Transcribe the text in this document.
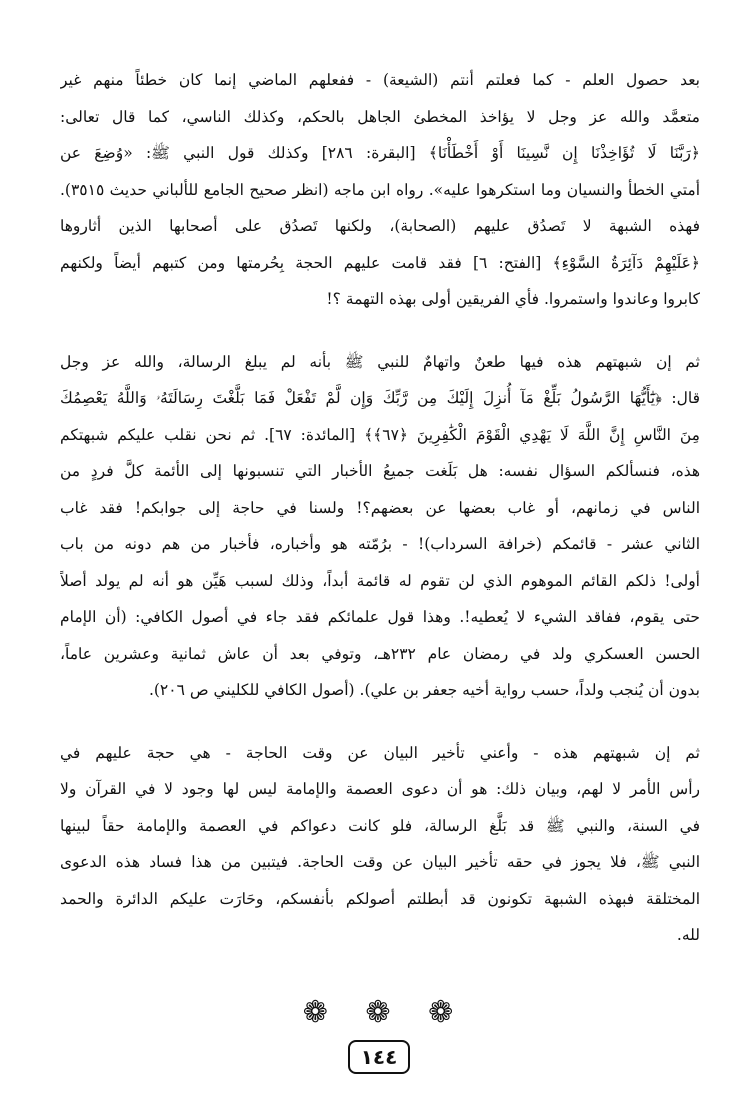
بعد حصول العلم - كما فعلتم أنتم (الشيعة) - ففعلهم الماضي إنما كان خطئاً منهم غير
متعمَّد والله عز وجل لا يؤاخذ المخطئ الجاهل بالحكم، وكذلك الناسي، كما قال تعالى:
﴿رَبَّنَا لَا تُؤَاخِذْنَا إِن نَّسِينَا أَوْ أَخْطَأْنَا﴾ [البقرة: ٢٨٦] وكذلك قول النبي ﷺ: «وُضِعَ عن
أمتي الخطأ والنسيان وما استكرهوا عليه». رواه ابن ماجه (انظر صحيح الجامع للألباني حديث ٣٥١٥).
فهذه الشبهة لا تَصدُق عليهم (الصحابة)، ولكنها تَصدُق على أصحابها الذين أثاروها
﴿عَلَيْهِمْ دَآئِرَةُ السَّوْءِ﴾ [الفتح: ٦] فقد قامت عليهم الحجة بِحُرمتها ومن كتبهم أيضاً ولكنهم
كابروا وعاندوا واستمروا. فأي الفريقين أولى بهذه التهمة ؟!
ثم إن شبهتهم هذه فيها طعنٌ واتهامٌ للنبي ﷺ بأنه لم يبلغ الرسالة، والله عز وجل
قال: ﴿يَٰٓأَيُّهَا الرَّسُولُ بَلِّغْ مَآ أُنزِلَ إِلَيْكَ مِن رَّبِّكَ وَإِن لَّمْ تَفْعَلْ فَمَا بَلَّغْتَ رِسَالَتَهُۥ وَاللَّهُ يَعْصِمُكَ
مِنَ النَّاسِ إِنَّ اللَّهَ لَا يَهْدِي الْقَوْمَ الْكَٰفِرِينَ ﴿٦٧﴾﴾ [المائدة: ٦٧]. ثم نحن نقلب عليكم شبهتكم
هذه، فنسألكم السؤال نفسه: هل بَلَغت جميعُ الأخبار التي تنسبونها إلى الأئمة كلَّ فردٍ من
الناس في زمانهم، أو غاب بعضها عن بعضهم؟! ولسنا في حاجة إلى جوابكم! فقد غاب
الثاني عشر - قائمكم (خرافة السرداب)! - برُمّته هو وأخباره، فأخبار من هم دونه من باب
أولى! ذلكم القائم الموهوم الذي لن تقوم له قائمة أبداً، وذلك لسبب هَيِّن هو أنه لم يولد أصلاً
حتى يقوم، ففاقد الشيء لا يُعطيه!. وهذا قول علمائكم فقد جاء في أصول الكافي: (أن الإمام
الحسن العسكري ولد في رمضان عام ٢٣٢هـ، وتوفي بعد أن عاش ثمانية وعشرين عاماً،
بدون أن يُنجب ولداً، حسب رواية أخيه جعفر بن علي). (أصول الكافي للكليني ص ٢٠٦).
ثم إن شبهتهم هذه - وأعني تأخير البيان عن وقت الحاجة - هي حجة عليهم في
رأس الأمر لا لهم، وبيان ذلك: هو أن دعوى العصمة والإمامة ليس لها وجود لا في القرآن ولا
في السنة، والنبي ﷺ قد بَلَّغ الرسالة، فلو كانت دعواكم في العصمة والإمامة حقاً لبينها
النبي ﷺ، فلا يجوز في حقه تأخير البيان عن وقت الحاجة. فيتبين من هذا فساد هذه الدعوى
المختلقة فبهذه الشبهة تكونون قد أبطلتم أصولكم بأنفسكم، وحَارَت عليكم الدائرة والحمد
لله.
❁ ❁ ❁
١٤٤
